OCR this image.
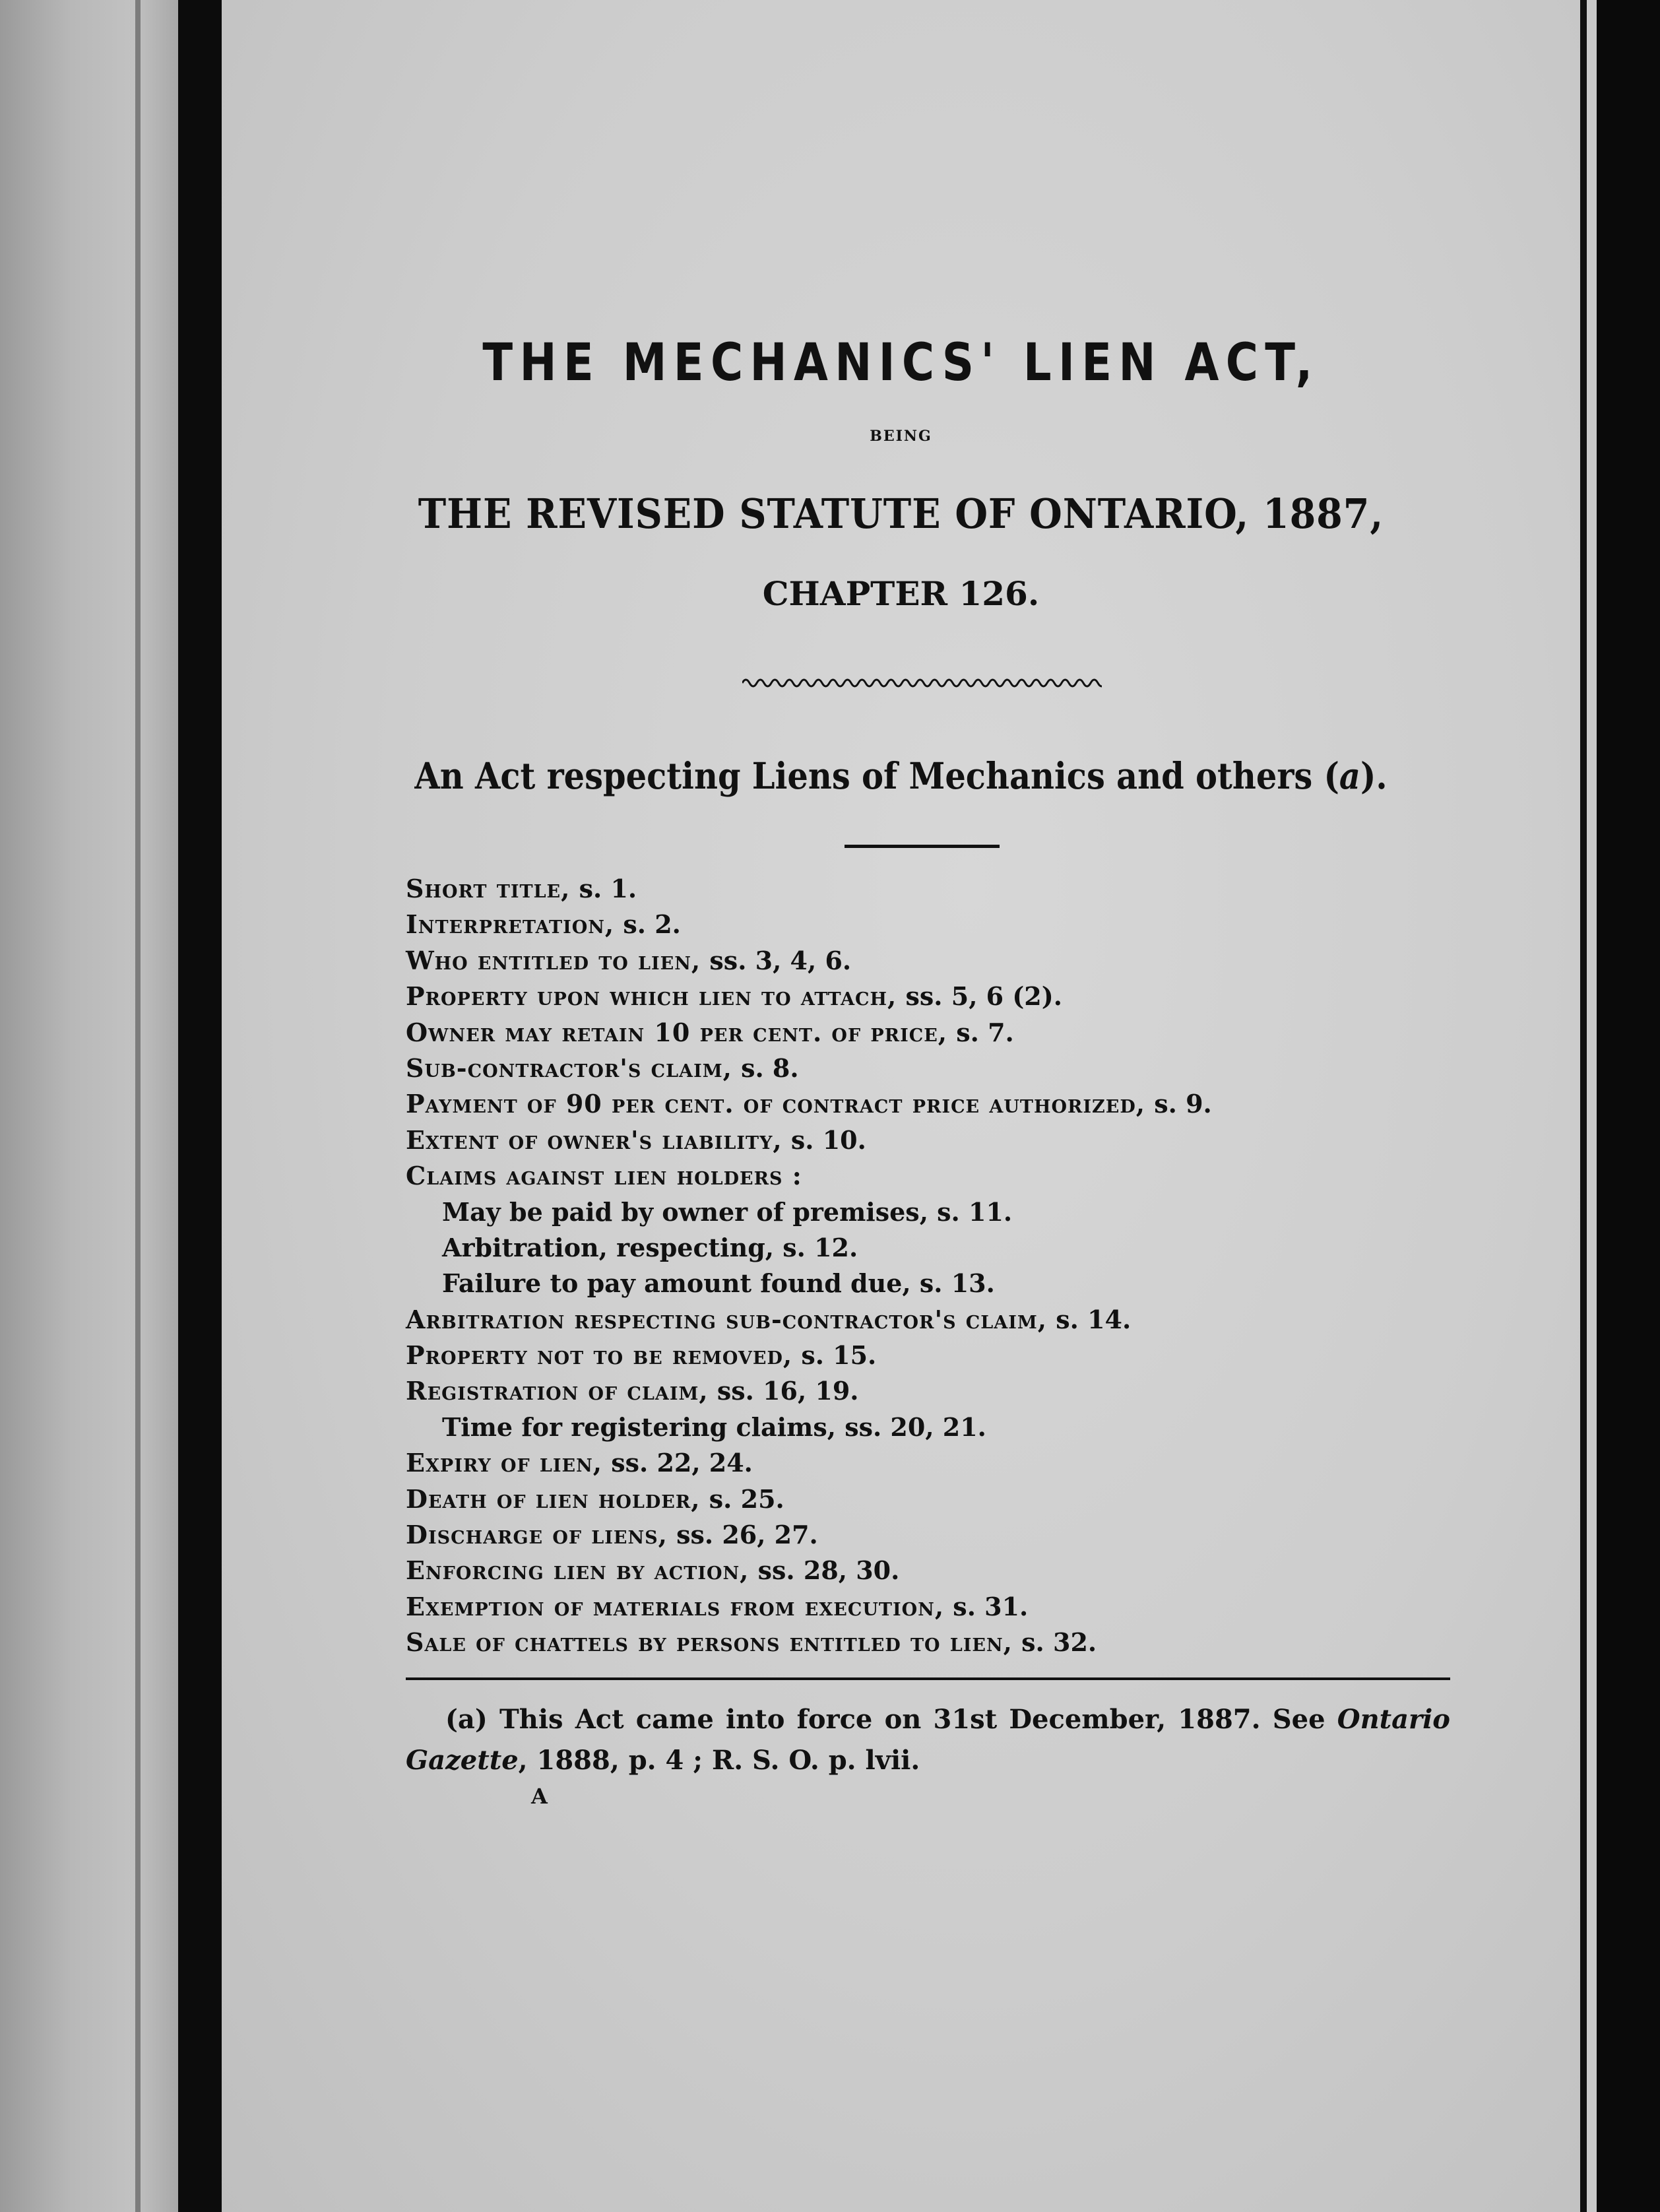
THE MECHANICS' LIEN ACT,
BEING
THE REVISED STATUTE OF ONTARIO, 1887,
CHAPTER 126.
An Act respecting Liens of Mechanics and others (a).
Short title, s. 1.
Interpretation, s. 2.
Who entitled to lien, ss. 3, 4, 6.
Property upon which lien to attach, ss. 5, 6 (2).
Owner may retain 10 per cent. of price, s. 7.
Sub-contractor's claim, s. 8.
Payment of 90 per cent. of contract price authorized, s. 9.
Extent of owner's liability, s. 10.
Claims against lien holders :
May be paid by owner of premises, s. 11.
Arbitration, respecting, s. 12.
Failure to pay amount found due, s. 13.
Arbitration respecting sub-contractor's claim, s. 14.
Property not to be removed, s. 15.
Registration of claim, ss. 16, 19.
Time for registering claims, ss. 20, 21.
Expiry of lien, ss. 22, 24.
Death of lien holder, s. 25.
Discharge of liens, ss. 26, 27.
Enforcing lien by action, ss. 28, 30.
Exemption of materials from execution, s. 31.
Sale of chattels by persons entitled to lien, s. 32.
(a) This Act came into force on 31st December, 1887. See Ontario Gazette, 1888, p. 4 ; R. S. O. p. lvii.
A
